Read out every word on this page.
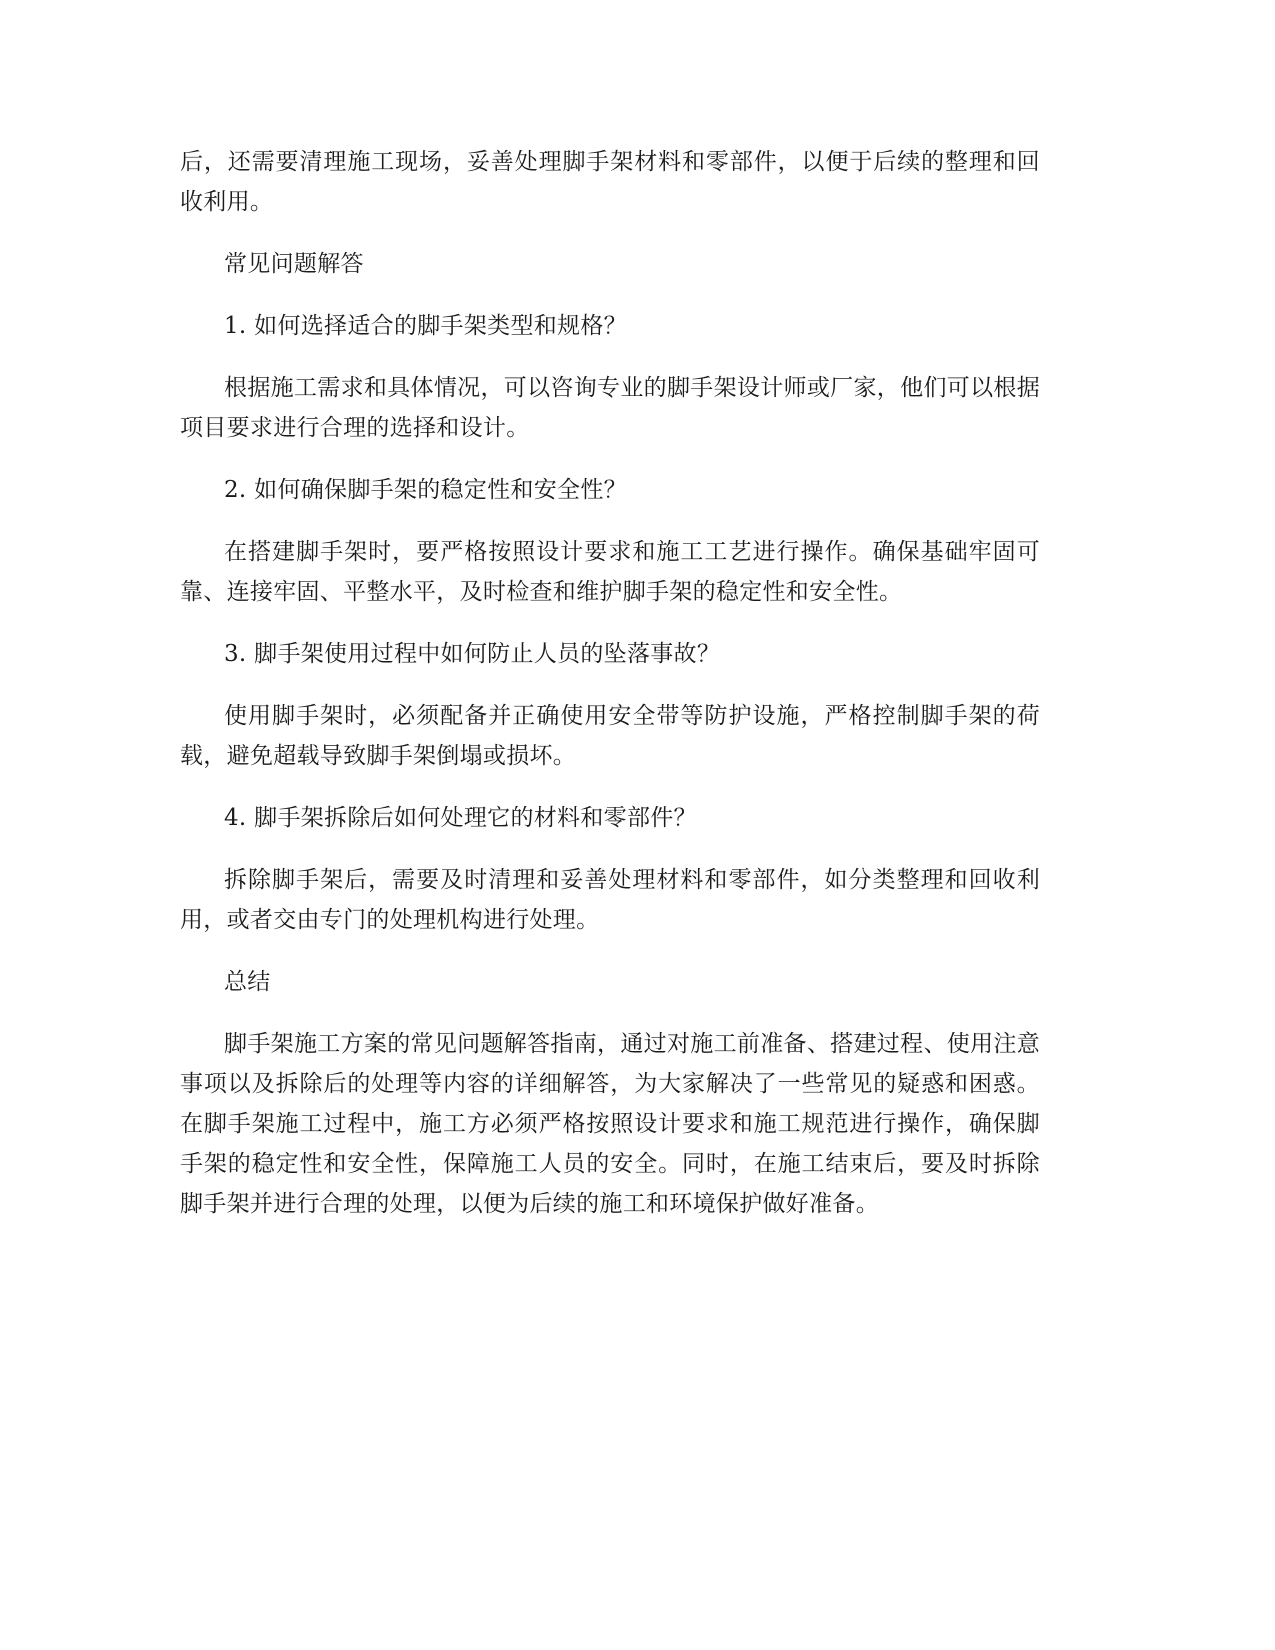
后，还需要清理施工现场，妥善处理脚手架材料和零部件，以便于后续的整理和回收利用。

常见问题解答

1. 如何选择适合的脚手架类型和规格？

根据施工需求和具体情况，可以咨询专业的脚手架设计师或厂家，他们可以根据项目要求进行合理的选择和设计。

2. 如何确保脚手架的稳定性和安全性？

在搭建脚手架时，要严格按照设计要求和施工工艺进行操作。确保基础牢固可靠、连接牢固、平整水平，及时检查和维护脚手架的稳定性和安全性。

3. 脚手架使用过程中如何防止人员的坠落事故？

使用脚手架时，必须配备并正确使用安全带等防护设施，严格控制脚手架的荷载，避免超载导致脚手架倒塌或损坏。

4. 脚手架拆除后如何处理它的材料和零部件？

拆除脚手架后，需要及时清理和妥善处理材料和零部件，如分类整理和回收利用，或者交由专门的处理机构进行处理。

总结

脚手架施工方案的常见问题解答指南，通过对施工前准备、搭建过程、使用注意事项以及拆除后的处理等内容的详细解答，为大家解决了一些常见的疑惑和困惑。在脚手架施工过程中，施工方必须严格按照设计要求和施工规范进行操作，确保脚手架的稳定性和安全性，保障施工人员的安全。同时，在施工结束后，要及时拆除脚手架并进行合理的处理，以便为后续的施工和环境保护做好准备。
